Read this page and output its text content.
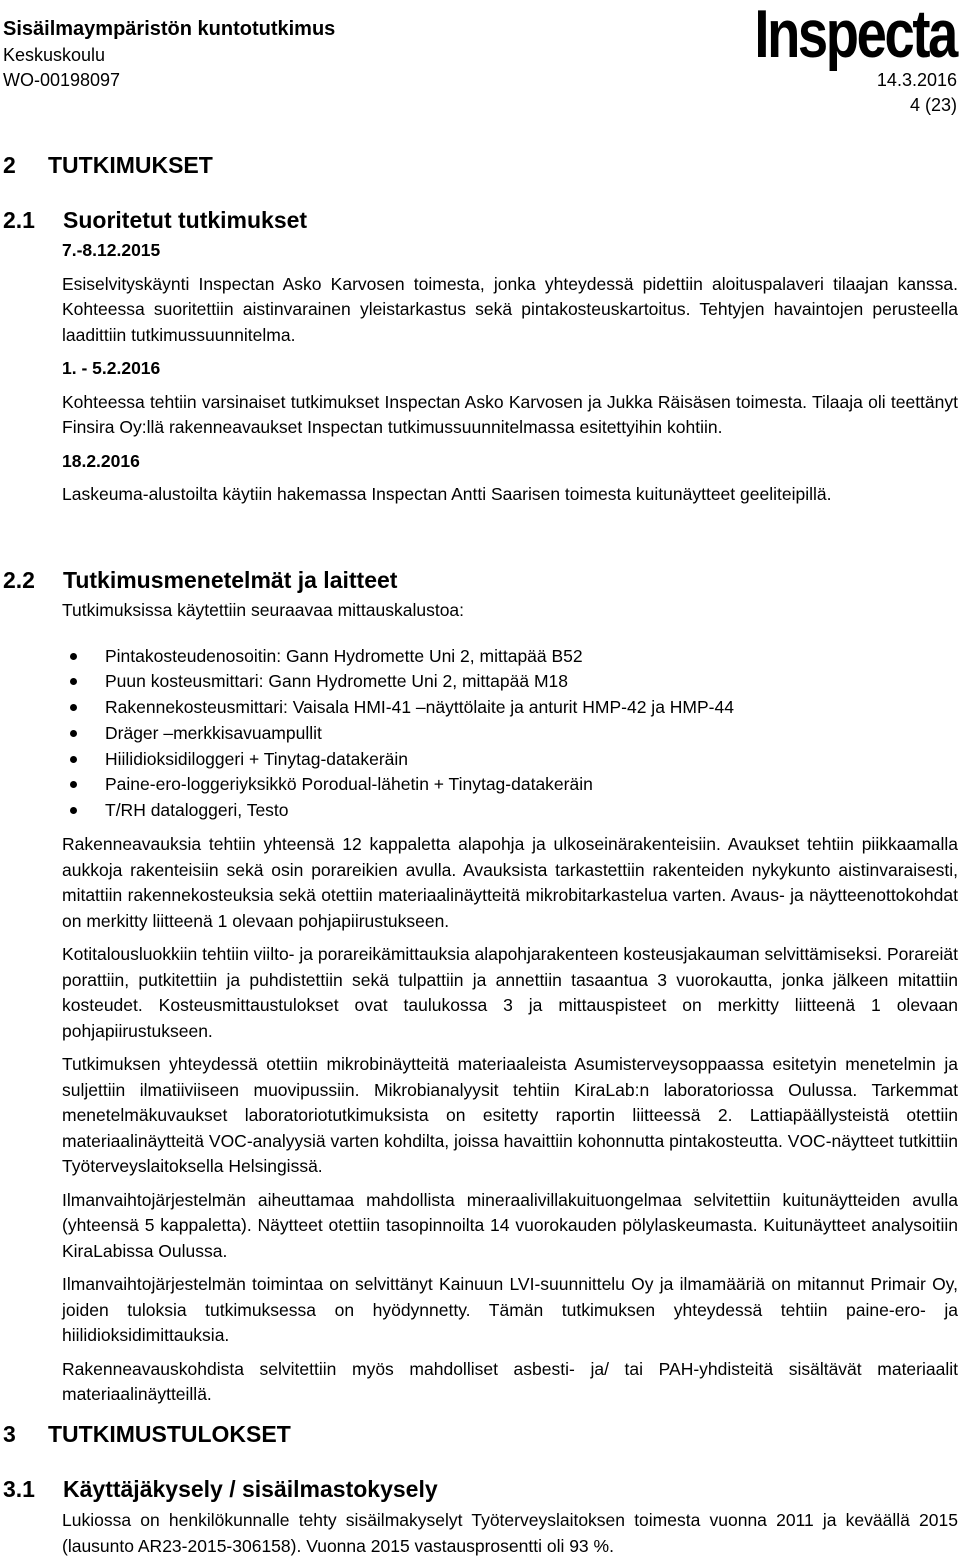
Sisäilmaympäristön kuntotutkimus
Keskuskoulu
WO-00198097
Inspecta
14.3.2016
4 (23)
2 TUTKIMUKSET
2.1 Suoritetut tutkimukset
7.-8.12.2015

Esiselvityskäynti Inspectan Asko Karvosen toimesta, jonka yhteydessä pidettiin aloituspalaveri tilaajan kanssa. Kohteessa suoritettiin aistinvarainen yleistarkastus sekä pintakosteuskartoitus. Tehtyjen havaintojen perusteella laadittiin tutkimussuunnitelma.

1. - 5.2.2016

Kohteessa tehtiin varsinaiset tutkimukset Inspectan Asko Karvosen ja Jukka Räisäsen toimesta. Tilaaja oli teettänyt Finsira Oy:llä rakenneavaukset Inspectan tutkimussuunnitelmassa esitettyihin kohtiin.

18.2.2016

Laskeuma-alustoilta käytiin hakemassa Inspectan Antti Saarisen toimesta kuitunäytteet geeliteipillä.

2.2 Tutkimusmenetelmät ja laitteet

Tutkimuksissa käytettiin seuraavaa mittauskalustoa:

Pintakosteudenosoitin: Gann Hydromette Uni 2, mittapää B52
Puun kosteusmittari: Gann Hydromette Uni 2, mittapää M18
Rakennekosteusmittari: Vaisala HMI-41 –näyttölaite ja anturit HMP-42 ja HMP-44
Dräger –merkkisavuampullit
Hiilidioksidiloggeri + Tinytag-datakeräin
Paine-ero-loggeriyksikkö Porodual-lähetin + Tinytag-datakeräin
T/RH dataloggeri, Testo

Rakenneavauksia tehtiin yhteensä 12 kappaletta alapohja ja ulkoseinärakenteisiin. Avaukset tehtiin piikkaamalla aukkoja rakenteisiin sekä osin porareikien avulla. Avauksista tarkastettiin rakenteiden nykykunto aistinvaraisesti, mitattiin rakennekosteuksia sekä otettiin materiaalinäytteitä mikrobitarkastelua varten. Avaus- ja näytteenottokohdat on merkitty liitteenä 1 olevaan pohjapiirustukseen.

Kotitalousluokkiin tehtiin viilto- ja porareikämittauksia alapohjarakenteen kosteusjakauman selvittämiseksi. Porareiät porattiin, putkitettiin ja puhdistettiin sekä tulpattiin ja annettiin tasaantua 3 vuorokautta, jonka jälkeen mitattiin kosteudet. Kosteusmittaustulokset ovat taulukossa 3 ja mittauspisteet on merkitty liitteenä 1 olevaan pohjapiirustukseen.

Tutkimuksen yhteydessä otettiin mikrobinäytteitä materiaaleista Asumisterveysoppaassa esitetyin menetelmin ja suljettiin ilmatiiviiseen muovipussiin. Mikrobianalyysit tehtiin KiraLab:n laboratoriossa Oulussa. Tarkemmat menetelmäkuvaukset laboratoriotutkimuksista on esitetty raportin liitteessä 2. Lattiapäällysteistä otettiin materiaalinäytteitä VOC-analyysiä varten kohdilta, joissa havaittiin kohonnutta pintakosteutta. VOC-näytteet tutkittiin Työterveyslaitoksella Helsingissä.

Ilmanvaihtojärjestelmän aiheuttamaa mahdollista mineraalivillakuituongelmaa selvitettiin kuitunäytteiden avulla (yhteensä 5 kappaletta). Näytteet otettiin tasopinnoilta 14 vuorokauden pölylaskeumasta. Kuitunäytteet analysoitiin KiraLabissa Oulussa.

Ilmanvaihtojärjestelmän toimintaa on selvittänyt Kainuun LVI-suunnittelu Oy ja ilmamääriä on mitannut Primair Oy, joiden tuloksia tutkimuksessa on hyödynnetty. Tämän tutkimuksen yhteydessä tehtiin paine-ero- ja hiilidioksidimittauksia.

Rakenneavauskohdista selvitettiin myös mahdolliset asbesti- ja/ tai PAH-yhdisteitä sisältävät materiaalit materiaalinäytteillä.

3 TUTKIMUSTULOKSET
3.1 Käyttäjäkysely / sisäilmastokysely

Lukiossa on henkilökunnalle tehty sisäilmakyselyt Työterveyslaitoksen toimesta vuonna 2011 ja keväällä 2015 (lausunto AR23-2015-306158). Vuonna 2015 vastausprosentti oli 93 %.
